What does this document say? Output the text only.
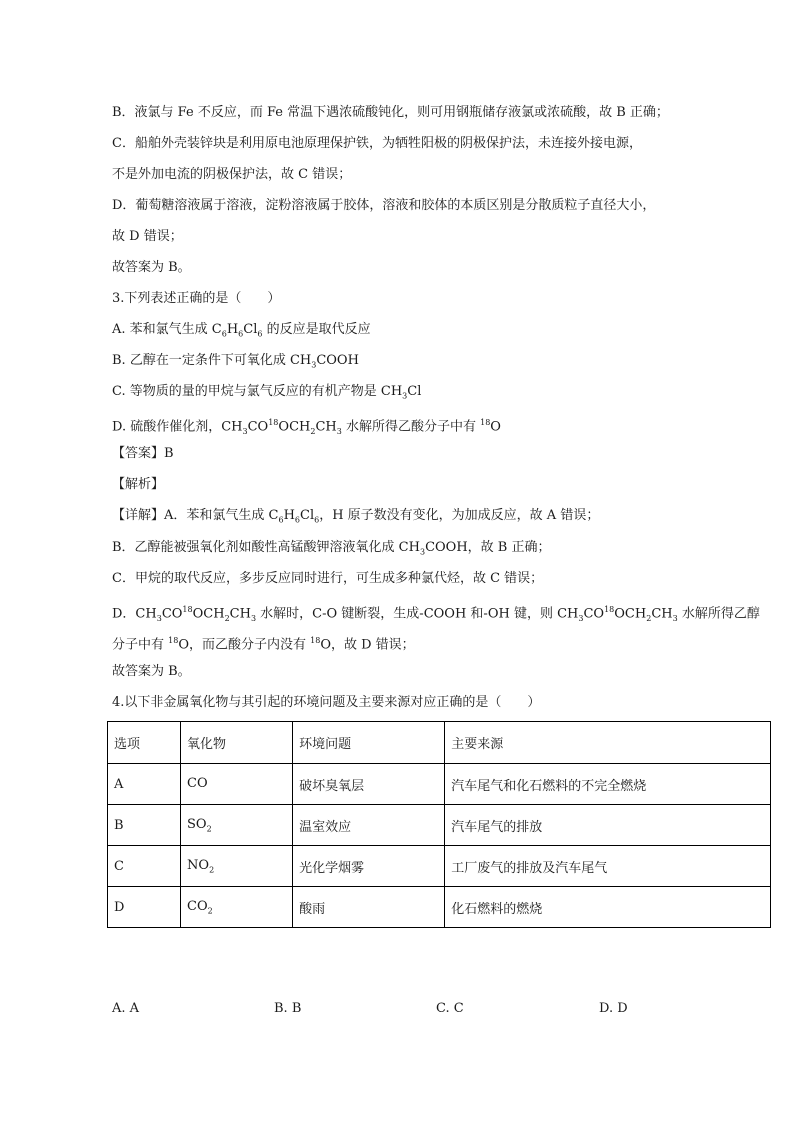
B．液氯与 Fe 不反应，而 Fe 常温下遇浓硫酸钝化，则可用钢瓶储存液氯或浓硫酸，故 B 正确；
C．船舶外壳装锌块是利用原电池原理保护铁，为牺牲阳极的阴极保护法，未连接外接电源，
不是外加电流的阴极保护法，故 C 错误；
D．葡萄糖溶液属于溶液，淀粉溶液属于胶体，溶液和胶体的本质区别是分散质粒子直径大小，
故 D 错误；
故答案为 B。
3.下列表述正确的是（　　）
A. 苯和氯气生成 $C_6H_6Cl_6$ 的反应是取代反应
B. 乙醇在一定条件下可氧化成 $CH_3COOH$
C. 等物质的量的甲烷与氯气反应的有机产物是 $CH_3Cl$
D. 硫酸作催化剂，$CH_3CO^{18}OCH_2CH_3$ 水解所得乙酸分子中有 $^{18}$O
【答案】B
【解析】
【详解】A．苯和氯气生成 $C_6H_6Cl_6$，H 原子数没有变化，为加成反应，故 A 错误；
B．乙醇能被强氧化剂如酸性高锰酸钾溶液氧化成 $CH_3COOH$，故 B 正确；
C．甲烷的取代反应，多步反应同时进行，可生成多种氯代烃，故 C 错误；
D．$CH_3CO^{18}OCH_2CH_3$ 水解时，C-O 键断裂，生成-COOH 和-OH 键，则 $CH_3CO^{18}OCH_2CH_3$ 水解所得乙醇
分子中有 $^{18}$O，而乙酸分子内没有 $^{18}$O，故 D 错误；
故答案为 B。
4.以下非金属氧化物与其引起的环境问题及主要来源对应正确的是（　　）
选项	氧化物	环境问题	主要来源
A	CO	破坏臭氧层	汽车尾气和化石燃料的不完全燃烧
B	$SO_2$	温室效应	汽车尾气的排放
C	$NO_2$	光化学烟雾	工厂废气的排放及汽车尾气
D	$CO_2$	酸雨	化石燃料的燃烧
A. A	B. B	C. C	D. D
